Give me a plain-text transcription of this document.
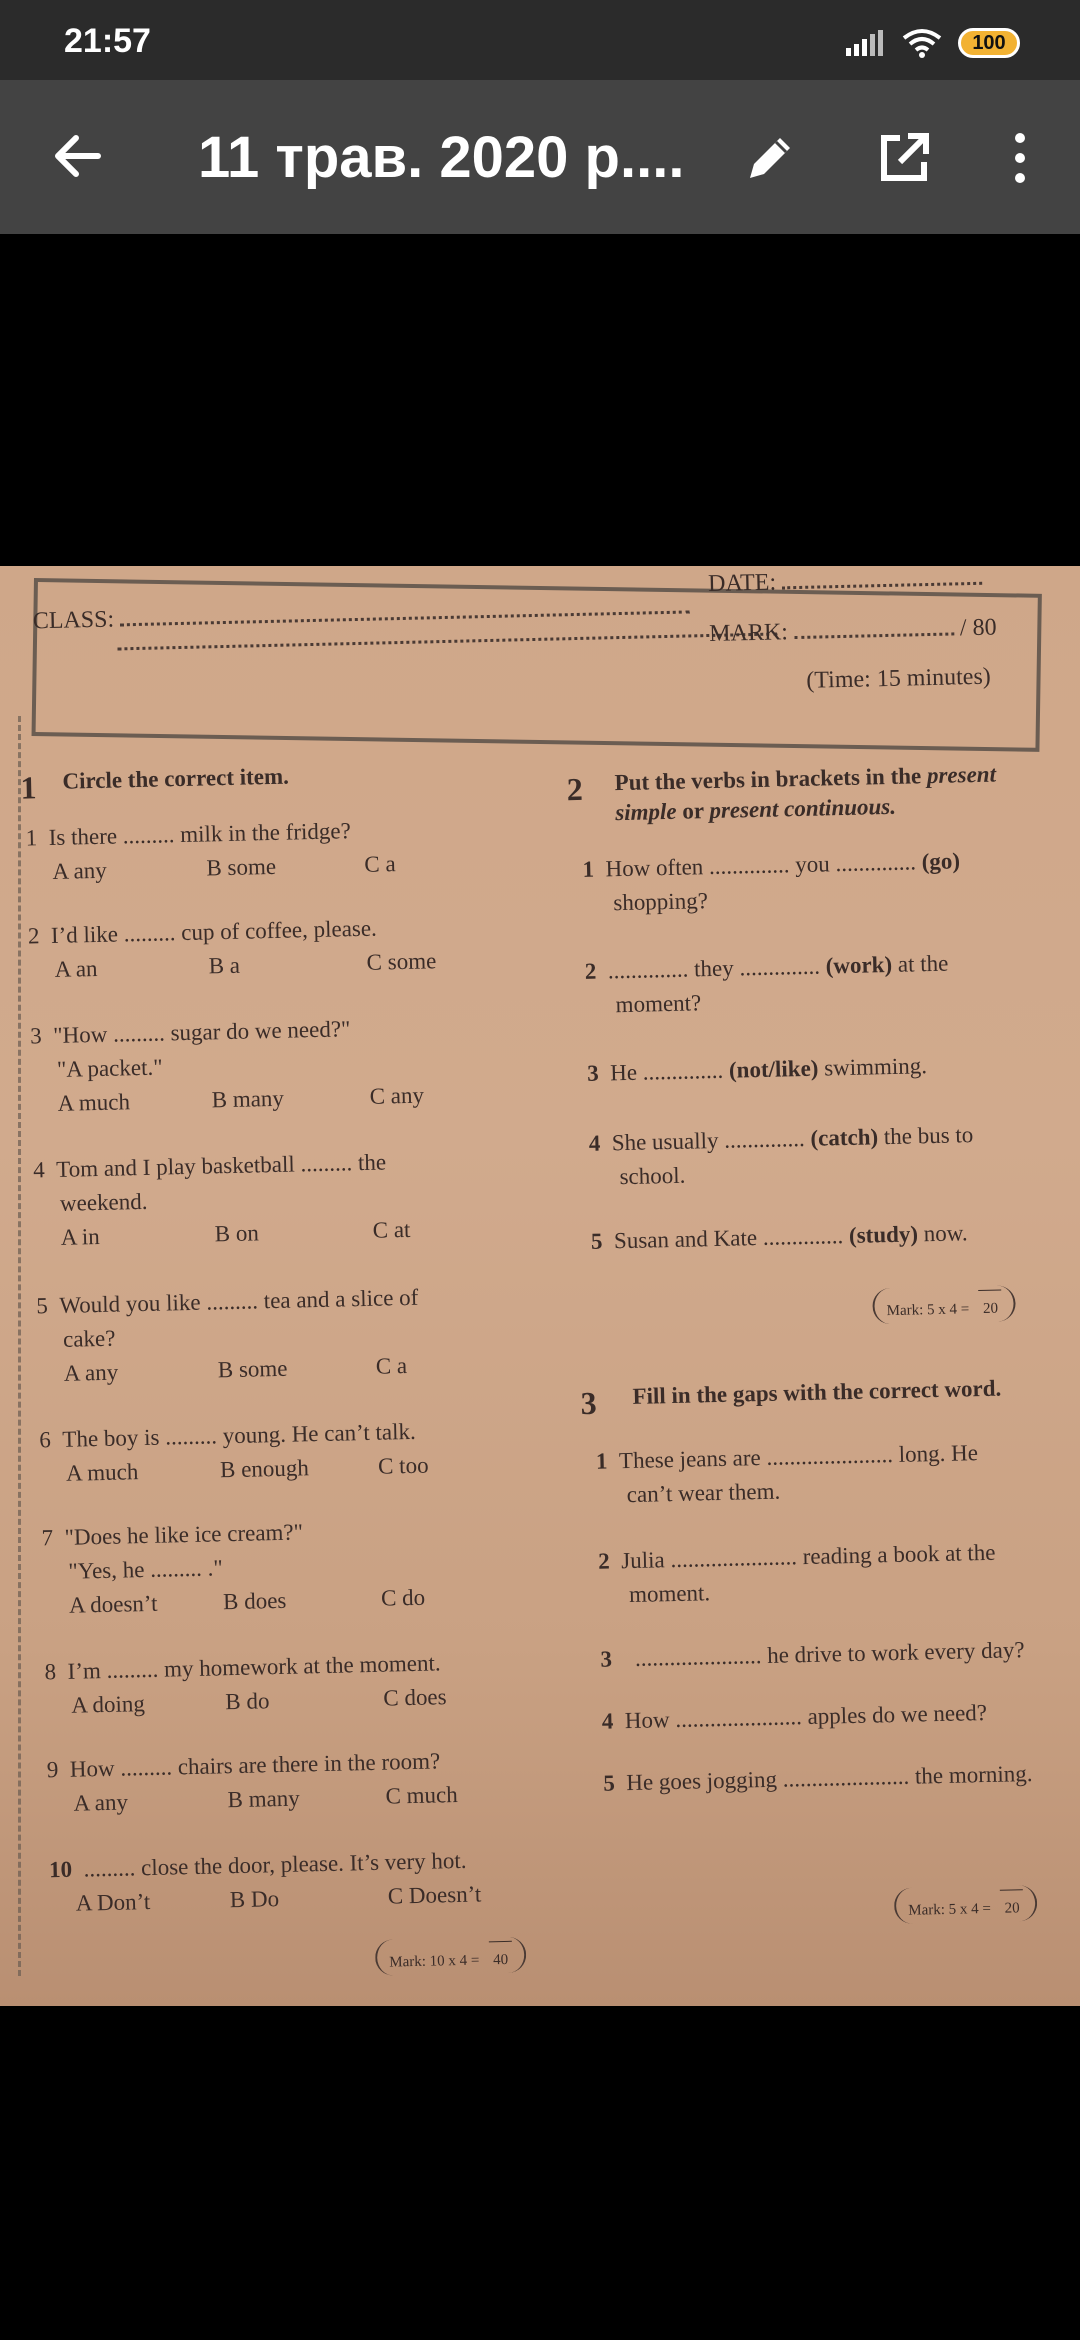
21:57	100
11 трав. 2020 р....
CLASS:
DATE:
MARK:	/ 80
(Time: 15 minutes)
1 Circle the correct item.
1 Is there ......... milk in the fridge?
A any	B some	C a
2 I’d like ......... cup of coffee, please.
A an	B a	C some
3 "How ......... sugar do we need?"
"A packet."
A much	B many	C any
4 Tom and I play basketball ......... the
weekend.
A in	B on	C at
5 Would you like ......... tea and a slice of
cake?
A any	B some	C a
6 The boy is ......... young. He can’t talk.
A much	B enough	C too
7 "Does he like ice cream?"
"Yes, he ......... ."
A doesn’t	B does	C do
8 I’m ......... my homework at the moment.
A doing	B do	C does
9 How ......... chairs are there in the room?
A any	B many	C much
10 ......... close the door, please. It’s very hot.
A Don’t	B Do	C Doesn’t
Mark: 10 x 4 = 40
2 Put the verbs in brackets in the present
simple or present continuous.
1 How often .............. you .............. (go)
shopping?
2 .............. they .............. (work) at the
moment?
3 He .............. (not/like) swimming.
4 She usually .............. (catch) the bus to
school.
5 Susan and Kate .............. (study) now.
Mark: 5 x 4 = 20
3 Fill in the gaps with the correct word.
1 These jeans are ...................... long. He
can’t wear them.
2 Julia ...................... reading a book at the
moment.
3 ...................... he drive to work every day?
4 How ...................... apples do we need?
5 He goes jogging ...................... the morning.
Mark: 5 x 4 = 20
